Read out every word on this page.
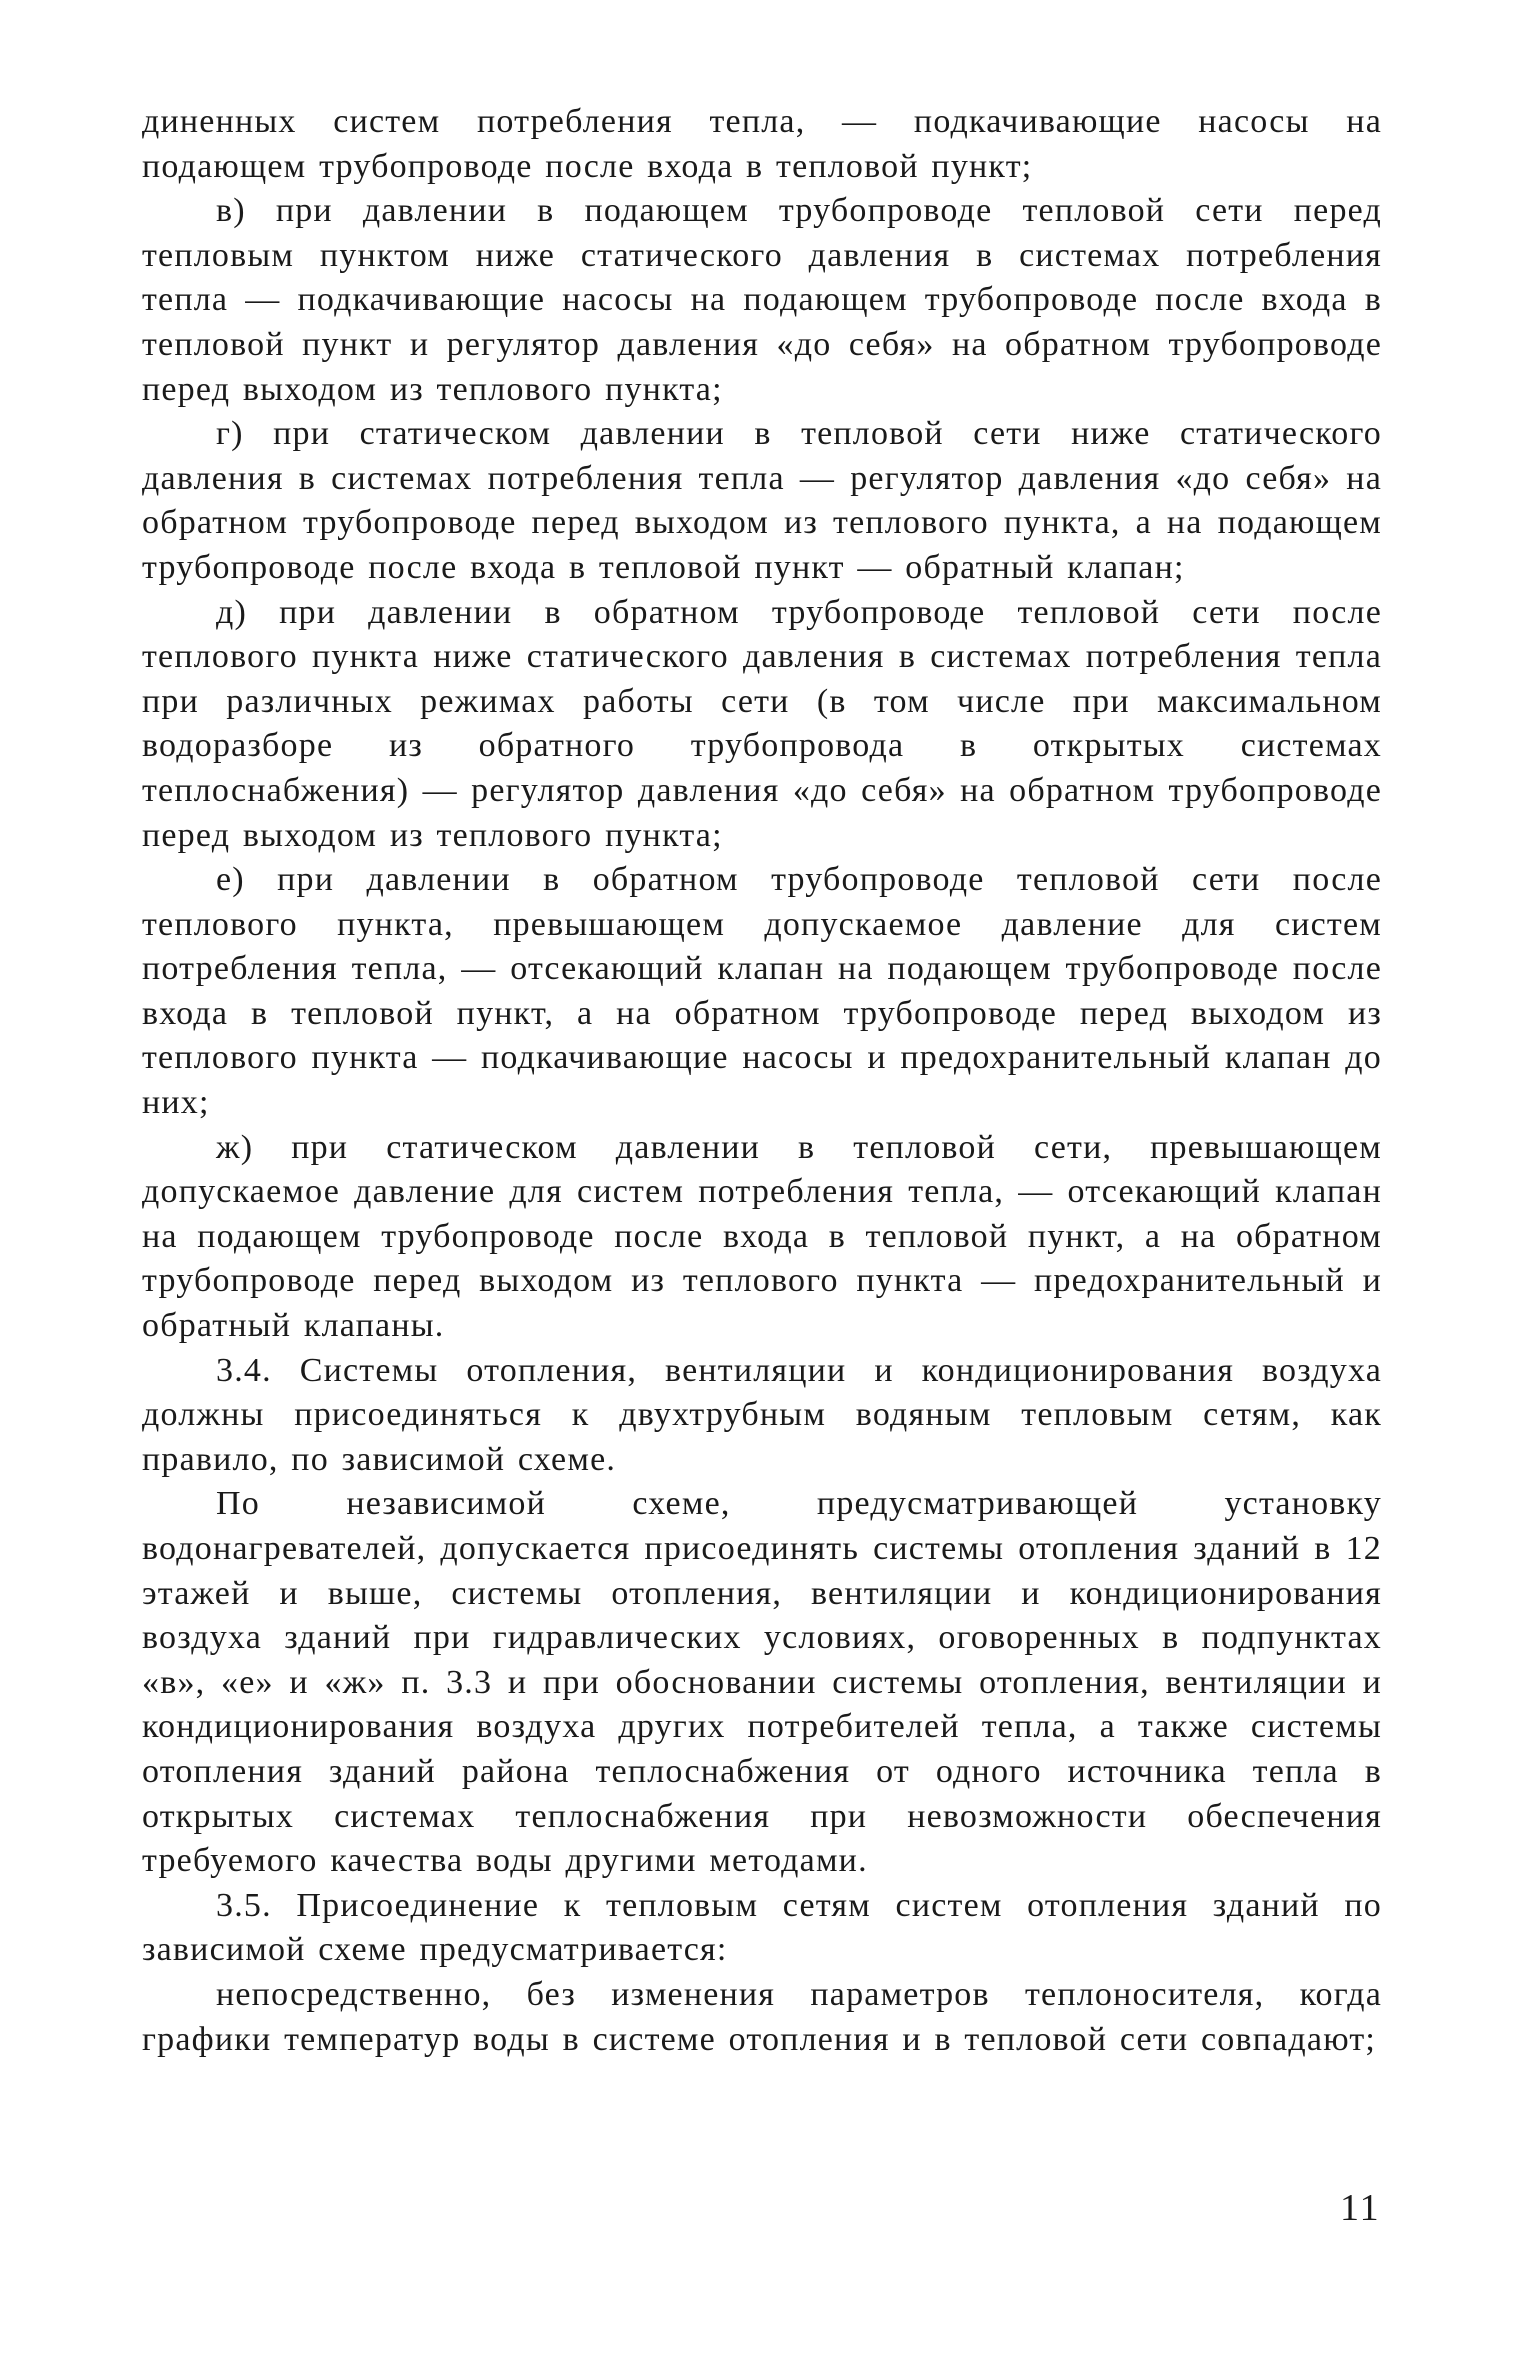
диненных систем потребления тепла, — подкачивающие насосы на подающем трубопроводе после входа в тепловой пункт;

в) при давлении в подающем трубопроводе тепловой сети перед тепловым пунктом ниже статического давления в системах потребления тепла — подкачивающие насосы на подающем трубопроводе после входа в тепловой пункт и регулятор давления «до себя» на обратном трубопроводе перед выходом из теплового пункта;

г) при статическом давлении в тепловой сети ниже статического давления в системах потребления тепла — регулятор давления «до себя» на обратном трубопроводе перед выходом из теплового пункта, а на подающем трубопроводе после входа в тепловой пункт — обратный клапан;

д) при давлении в обратном трубопроводе тепловой сети после теплового пункта ниже статического давления в системах потребления тепла при различных режимах работы сети (в том числе при максимальном водоразборе из обратного трубопровода в открытых системах теплоснабжения) — регулятор давления «до себя» на обратном трубопроводе перед выходом из теплового пункта;

е) при давлении в обратном трубопроводе тепловой сети после теплового пункта, превышающем допускаемое давление для систем потребления тепла, — отсекающий клапан на подающем трубопроводе после входа в тепловой пункт, а на обратном трубопроводе перед выходом из теплового пункта — подкачивающие насосы и предохранительный клапан до них;

ж) при статическом давлении в тепловой сети, превышающем допускаемое давление для систем потребления тепла, — отсекающий клапан на подающем трубопроводе после входа в тепловой пункт, а на обратном трубопроводе перед выходом из теплового пункта — предохранительный и обратный клапаны.

3.4. Системы отопления, вентиляции и кондиционирования воздуха должны присоединяться к двухтрубным водяным тепловым сетям, как правило, по зависимой схеме.

По независимой схеме, предусматривающей установку водонагревателей, допускается присоединять системы отопления зданий в 12 этажей и выше, системы отопления, вентиляции и кондиционирования воздуха зданий при гидравлических условиях, оговоренных в подпунктах «в», «е» и «ж» п. 3.3 и при обосновании системы отопления, вентиляции и кондиционирования воздуха других потребителей тепла, а также системы отопления зданий района теплоснабжения от одного источника тепла в открытых системах теплоснабжения при невозможности обеспечения требуемого качества воды другими методами.

3.5. Присоединение к тепловым сетям систем отопления зданий по зависимой схеме предусматривается:

непосредственно, без изменения параметров теплоносителя, когда графики температур воды в системе отопления и в тепловой сети совпадают;

11
